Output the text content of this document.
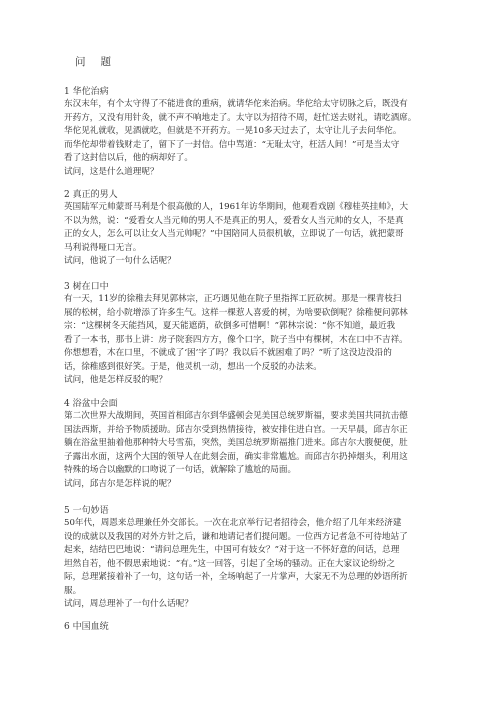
问 题
1 华佗治病
东汉末年，有个太守得了不能进食的重病，就请华佗来治病。华佗给太守切脉之后，既没有
开药方，又没有用针灸，就不声不响地走了。太守以为招待不周，赶忙送去财礼，请吃酒席。
华佗见礼就收，见酒就吃，但就是不开药方。一晃10多天过去了，太守让儿子去问华佗。
而华佗却带着钱财走了，留下了一封信。信中骂道：“无耻太守，枉活人间！”可是当太守
看了这封信以后，他的病却好了。
试问，这是什么道理呢？
2 真正的男人
英国陆军元帅蒙哥马利是个很高傲的人，1961年访华期间，他观看戏剧《穆桂英挂帅》，大
不以为然，说：“爱看女人当元帅的男人不是真正的男人，爱看女人当元帅的女人，不是真
正的女人，怎么可以让女人当元帅呢？”中国陪同人员很机敏，立即说了一句话，就把蒙哥
马利说得哑口无言。
试问，他说了一句什么话呢？
3 树在口中
有一天，11岁的徐稚去拜见郭林宗，正巧遇见他在院子里指挥工匠砍树。那是一棵青枝扫
展的松树，给小院增添了许多生气。这样一棵惹人喜爱的树，为啥要砍倒呢？徐稚便问郭林
宗：“这棵树冬天能挡风，夏天能遮荫，砍倒多可惜啊！”郭林宗说：“你不知道，最近我
看了一本书，那书上讲：房子院套四方方，像个口字，院子当中有棵树，木在口中不吉祥。
你想想看，木在口里，不就成了‘困’字了吗？我以后不就困难了吗？”听了这没边没沿的
话，徐稚感到很好笑。于是，他灵机一动，想出一个反驳的办法来。
试问，他是怎样反驳的呢？
4 浴盆中会面
第二次世界大战期间，英国首相邱吉尔到华盛顿会见美国总统罗斯福，要求美国共同抗击德
国法西斯，并给予物质援助。邱吉尔受到热情接待，被安排住进白宫。一天早晨，邱吉尔正
躺在浴盆里抽着他那种特大号雪茄，突然，美国总统罗斯福推门进来。邱吉尔大腹便便，肚
子露出水面，这两个大国的领导人在此刻会面，确实非常尴尬。而邱吉尔扔掉烟头，利用这
特殊的场合以幽默的口吻说了一句话，就解除了尴尬的局面。
试问，邱吉尔是怎样说的呢？
5 一句妙语
50年代，周恩来总理兼任外交部长。一次在北京举行记者招待会，他介绍了几年来经济建
设的成就以及我国的对外方针之后，谦和地请记者们提问题。一位西方记者急不可待地站了
起来，结结巴巴地说：“请问总理先生，中国可有妓女？”对于这一不怀好意的问话，总理
坦然自若，他不假思索地说：“有。”这一回答，引起了全场的骚动。正在大家议论纷纷之
际，总理紧接着补了一句，这句话一补，全场响起了一片掌声，大家无不为总理的妙语所折
服。
试问，周总理补了一句什么话呢？
6 中国血统
